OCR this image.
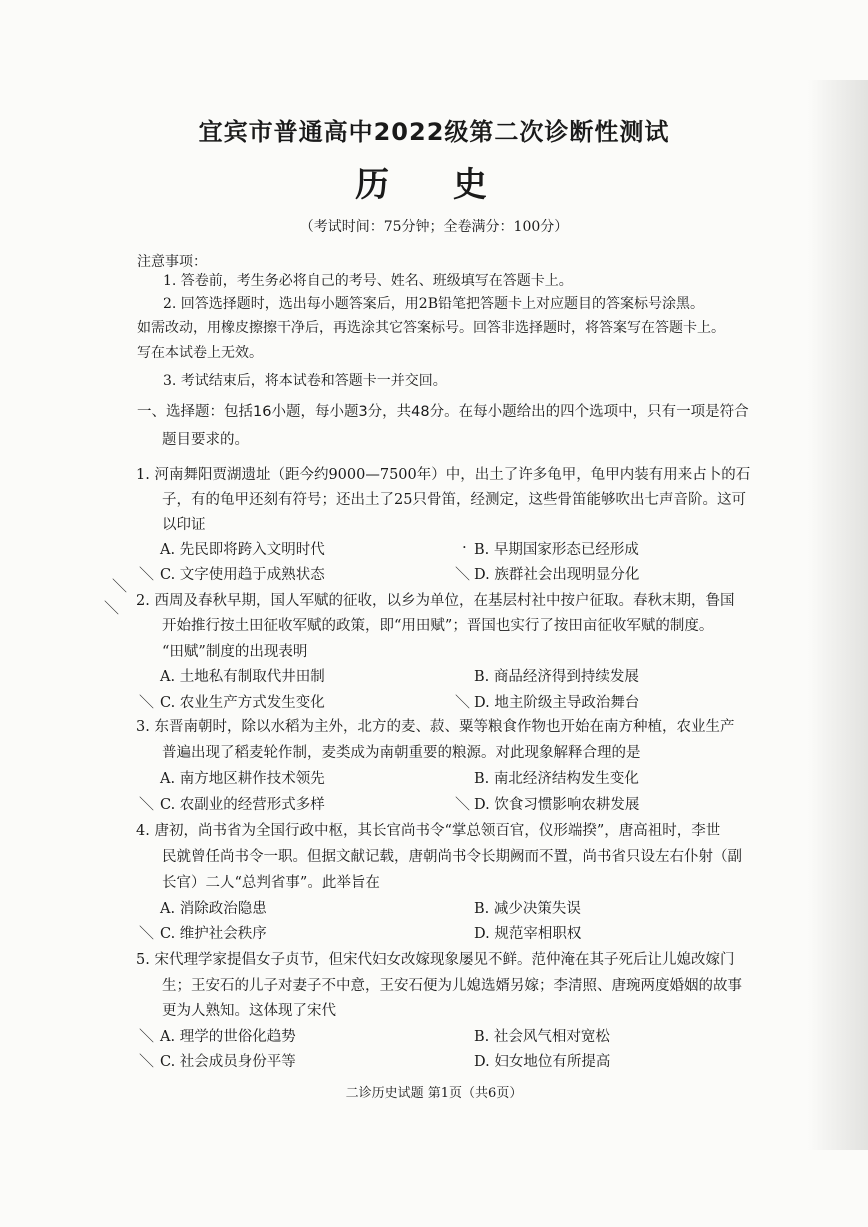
宜宾市普通高中2022级第二次诊断性测试
历 史
（考试时间：75分钟；全卷满分：100分）
注意事项：
1. 答卷前，考生务必将自己的考号、姓名、班级填写在答题卡上。
2. 回答选择题时，选出每小题答案后，用2B铅笔把答题卡上对应题目的答案标号涂黑。
如需改动，用橡皮擦擦干净后，再选涂其它答案标号。回答非选择题时，将答案写在答题卡上。
写在本试卷上无效。
3. 考试结束后，将本试卷和答题卡一并交回。
一、选择题：包括16小题，每小题3分，共48分。在每小题给出的四个选项中，只有一项是符合
题目要求的。
1. 河南舞阳贾湖遗址（距今约9000—7500年）中，出土了许多龟甲，龟甲内装有用来占卜的石
子，有的龟甲还刻有符号；还出土了25只骨笛，经测定，这些骨笛能够吹出七声音阶。这可
以印证
A. 先民即将跨入文明时代	B. 早期国家形态已经形成
C. 文字使用趋于成熟状态	D. 族群社会出现明显分化
2. 西周及春秋早期，国人军赋的征收，以乡为单位，在基层村社中按户征取。春秋末期，鲁国
开始推行按土田征收军赋的政策，即“用田赋”；晋国也实行了按田亩征收军赋的制度。
“田赋”制度的出现表明
A. 土地私有制取代井田制	B. 商品经济得到持续发展
C. 农业生产方式发生变化	D. 地主阶级主导政治舞台
3. 东晋南朝时，除以水稻为主外，北方的麦、菽、粟等粮食作物也开始在南方种植，农业生产
普遍出现了稻麦轮作制，麦类成为南朝重要的粮源。对此现象解释合理的是
A. 南方地区耕作技术领先	B. 南北经济结构发生变化
C. 农副业的经营形式多样	D. 饮食习惯影响农耕发展
4. 唐初，尚书省为全国行政中枢，其长官尚书令“掌总领百官，仪形端揆”，唐高祖时，李世
民就曾任尚书令一职。但据文献记载，唐朝尚书令长期阙而不置，尚书省只设左右仆射（副
长官）二人“总判省事”。此举旨在
A. 消除政治隐患	B. 减少决策失误
C. 维护社会秩序	D. 规范宰相职权
5. 宋代理学家提倡女子贞节，但宋代妇女改嫁现象屡见不鲜。范仲淹在其子死后让儿媳改嫁门
生；王安石的儿子对妻子不中意，王安石便为儿媳选婿另嫁；李清照、唐琬两度婚姻的故事
更为人熟知。这体现了宋代
A. 理学的世俗化趋势	B. 社会风气相对宽松
C. 社会成员身份平等	D. 妇女地位有所提高
·
＼	＼
＼	＼
＼	＼
＼
＼
＼
＼
＼
二诊历史试题 第1页（共6页）
